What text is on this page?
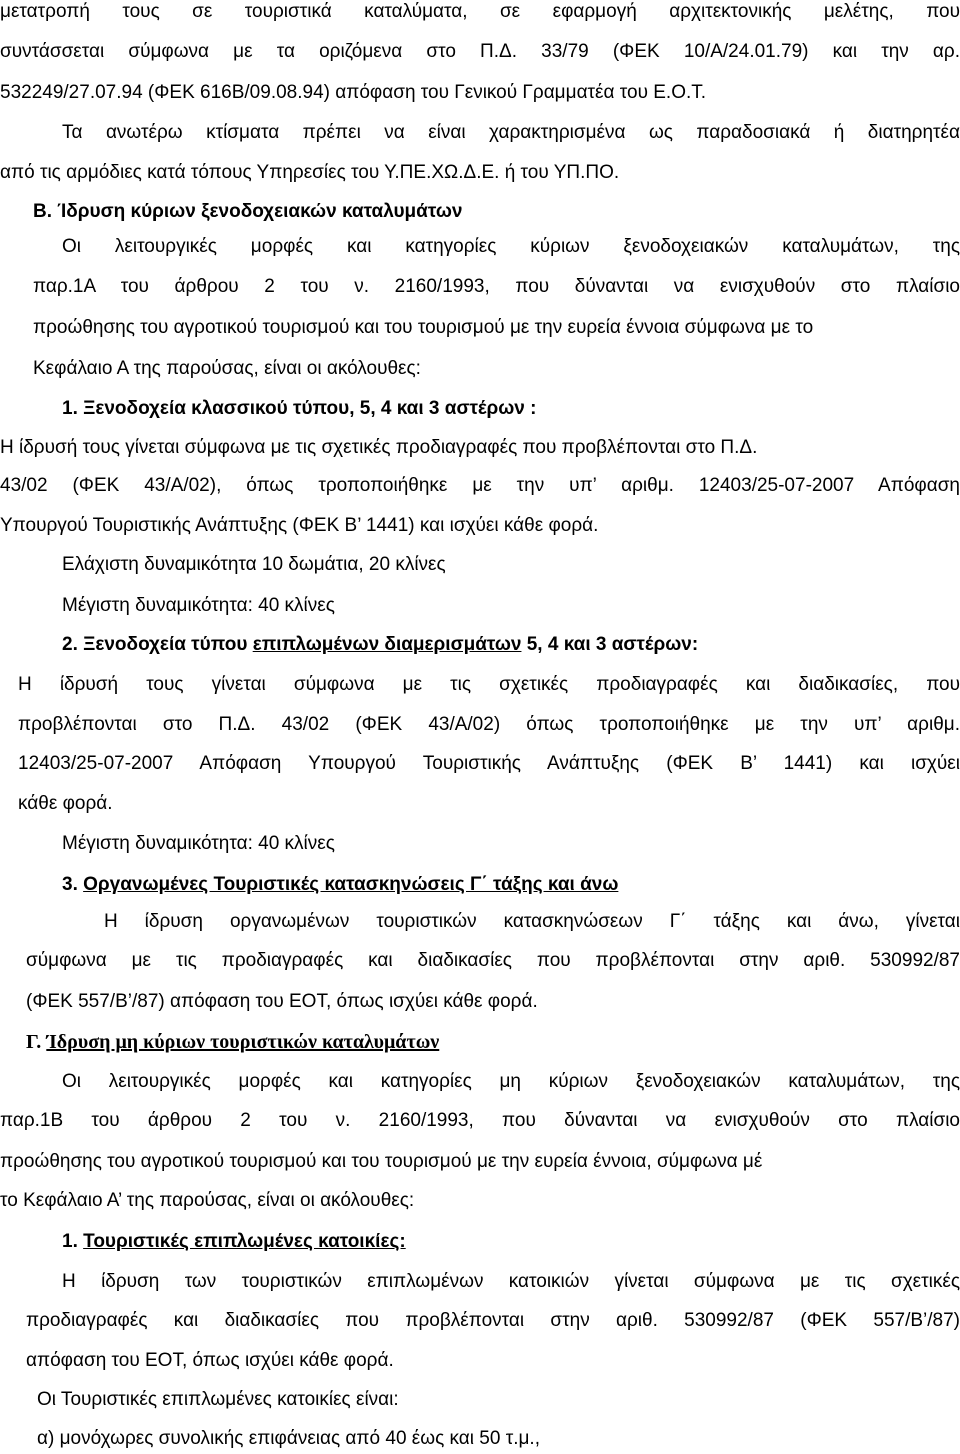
μετατροπή τους σε τουριστικά καταλύματα, σε εφαρμογή αρχιτεκτονικής μελέτης, που
συντάσσεται σύμφωνα με τα οριζόμενα στο Π.Δ. 33/79 (ΦΕΚ 10/Α/24.01.79) και την αρ.
532249/27.07.94 (ΦΕΚ 616Β/09.08.94) απόφαση του Γενικού Γραμματέα του Ε.Ο.Τ.
Τα ανωτέρω κτίσματα πρέπει να είναι χαρακτηρισμένα ως παραδοσιακά ή διατηρητέα
από τις αρμόδιες κατά τόπους Υπηρεσίες του Υ.ΠΕ.ΧΩ.Δ.Ε. ή του ΥΠ.ΠΟ.
Β. Ίδρυση κύριων ξενοδοχειακών καταλυμάτων
Οι λειτουργικές μορφές και κατηγορίες κύριων ξενοδοχειακών καταλυμάτων, της
παρ.1Α του άρθρου 2 του ν. 2160/1993, που δύνανται να ενισχυθούν στο πλαίσιο
προώθησης του αγροτικού τουρισμού και του τουρισμού με την ευρεία έννοια σύμφωνα με το
Κεφάλαιο Α της παρούσας, είναι οι ακόλουθες:
1. Ξενοδοχεία κλασσικού τύπου, 5, 4 και 3 αστέρων :
Η ίδρυσή τους γίνεται σύμφωνα με τις σχετικές προδιαγραφές που προβλέπονται στο Π.Δ.
43/02 (ΦΕΚ 43/Α/02), όπως τροποποιήθηκε με την υπ’ αριθμ. 12403/25-07-2007 Απόφαση
Υπουργού Τουριστικής Ανάπτυξης (ΦΕΚ Β’ 1441) και ισχύει κάθε φορά.
Ελάχιστη δυναμικότητα 10 δωμάτια, 20 κλίνες
Μέγιστη δυναμικότητα: 40 κλίνες
2. Ξενοδοχεία τύπου επιπλωμένων διαμερισμάτων 5, 4 και 3 αστέρων:
Η ίδρυσή τους γίνεται σύμφωνα με τις σχετικές προδιαγραφές και διαδικασίες, που
προβλέπονται στο Π.Δ. 43/02 (ΦΕΚ 43/Α/02) όπως τροποποιήθηκε με την υπ’ αριθμ.
12403/25-07-2007 Απόφαση Υπουργού Τουριστικής Ανάπτυξης (ΦΕΚ Β’ 1441) και ισχύει
κάθε φορά.
Μέγιστη δυναμικότητα: 40 κλίνες
3. Οργανωμένες Τουριστικές κατασκηνώσεις Γ΄ τάξης και άνω
Η ίδρυση οργανωμένων τουριστικών κατασκηνώσεων Γ΄ τάξης και άνω, γίνεται
σύμφωνα με τις προδιαγραφές και διαδικασίες που προβλέπονται στην αριθ. 530992/87
(ΦΕΚ 557/Β’/87) απόφαση του ΕΟΤ, όπως ισχύει κάθε φορά.
Γ. Ίδρυση μη κύριων τουριστικών καταλυμάτων
Οι λειτουργικές μορφές και κατηγορίες μη κύριων ξενοδοχειακών καταλυμάτων, της
παρ.1Β του άρθρου 2 του ν. 2160/1993, που δύνανται να ενισχυθούν στο πλαίσιο
προώθησης του αγροτικού τουρισμού και του τουρισμού με την ευρεία έννοια, σύμφωνα μέ
το Κεφάλαιο Α’ της παρούσας, είναι οι ακόλουθες:
1. Τουριστικές επιπλωμένες κατοικίες:
Η ίδρυση των τουριστικών επιπλωμένων κατοικιών γίνεται σύμφωνα με τις σχετικές
προδιαγραφές και διαδικασίες που προβλέπονται στην αριθ. 530992/87 (ΦΕΚ 557/Β’/87)
απόφαση του ΕΟΤ, όπως ισχύει κάθε φορά.
Οι Τουριστικές επιπλωμένες κατοικίες είναι:
α) μονόχωρες συνολικής επιφάνειας από 40 έως και 50 τ.μ.,
